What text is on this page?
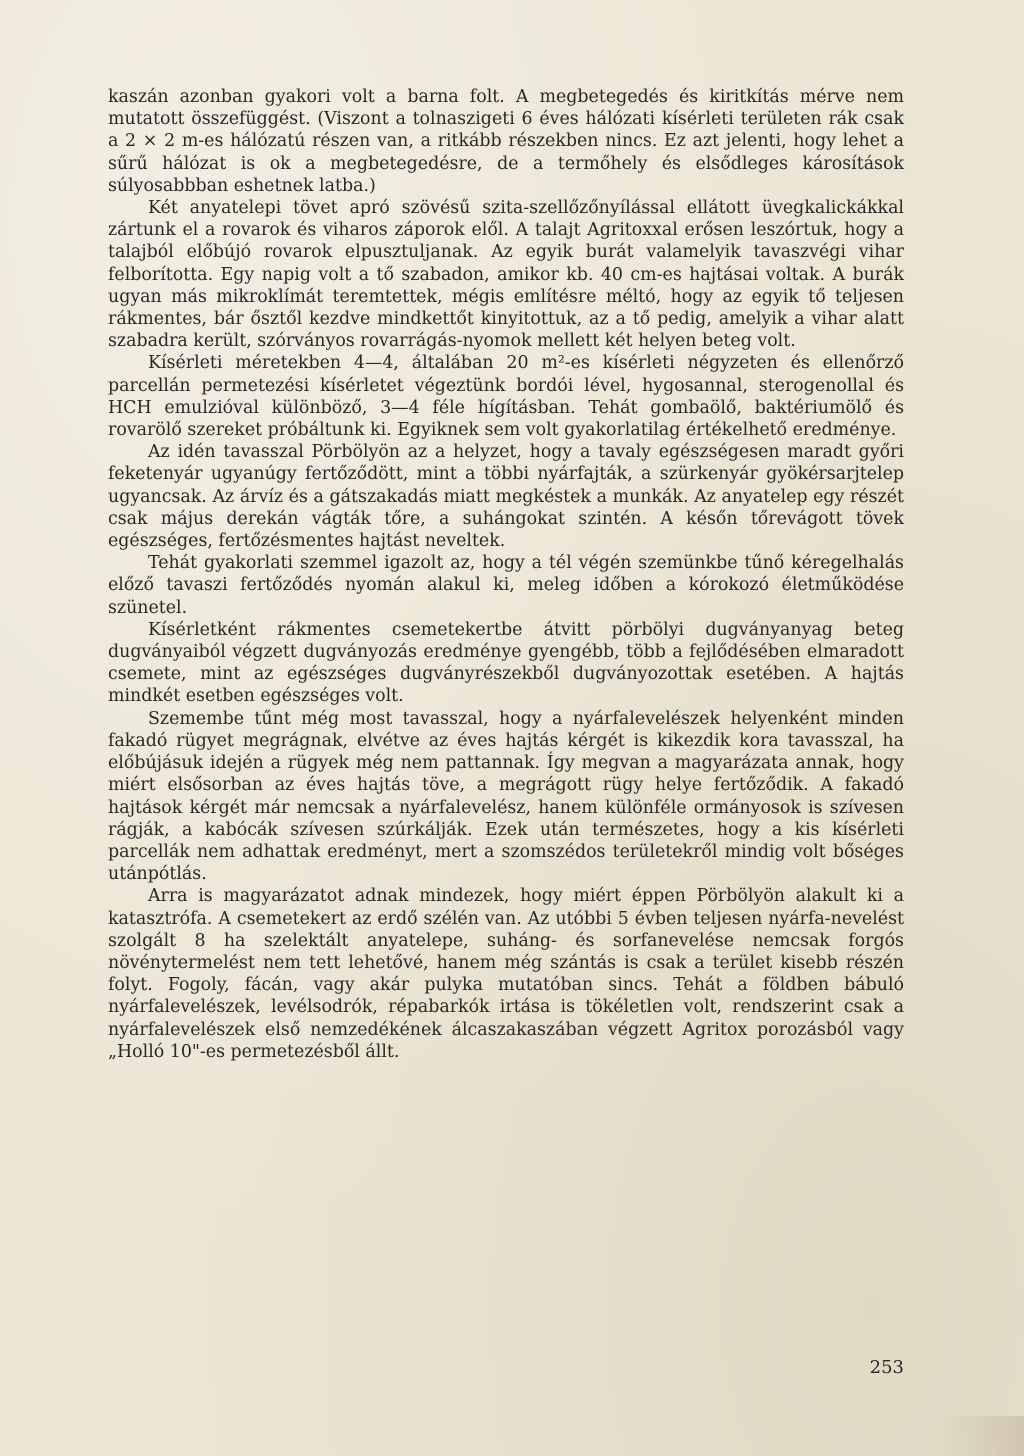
kaszán azonban gyakori volt a barna folt. A megbetegedés és kiritkítás mérve nem mutatott összefüggést. (Viszont a tolnaszigeti 6 éves hálózati kísérleti területen rák csak a 2 × 2 m-es hálózatú részen van, a ritkább részekben nincs. Ez azt jelenti, hogy lehet a sűrű hálózat is ok a megbetegedésre, de a termőhely és elsődleges károsítások súlyosabbban eshetnek latba.)

Két anyatelepi tövet apró szövésű szita-szellőzőnyílással ellátott üvegkalickákkal zártunk el a rovarok és viharos záporok elől. A talajt Agritoxxal erősen leszórtuk, hogy a talajból előbújó rovarok elpusztuljanak. Az egyik burát valamelyik tavaszvégi vihar felborította. Egy napig volt a tő szabadon, amikor kb. 40 cm-es hajtásai voltak. A burák ugyan más mikroklímát teremtettek, mégis említésre méltó, hogy az egyik tő teljesen rákmentes, bár ősztől kezdve mindkettőt kinyitottuk, az a tő pedig, amelyik a vihar alatt szabadra került, szórványos rovarrágás-nyomok mellett két helyen beteg volt.

Kísérleti méretekben 4—4, általában 20 m²-es kísérleti négyzeten és ellenőrző parcellán permetezési kísérletet végeztünk bordói lével, hygosannal, sterogenollal és HCH emulzióval különböző, 3—4 féle hígításban. Tehát gombaölő, baktériumölő és rovarölő szereket próbáltunk ki. Egyiknek sem volt gyakorlatilag értékelhető eredménye.

Az idén tavasszal Pörbölyön az a helyzet, hogy a tavaly egészségesen maradt győri feketenyár ugyanúgy fertőződött, mint a többi nyárfajták, a szürkenyár gyökérsarjtelep ugyancsak. Az árvíz és a gátszakadás miatt megkéstek a munkák. Az anyatelep egy részét csak május derekán vágták tőre, a suhángokat szintén. A későn tőrevágott tövek egészséges, fertőzésmentes hajtást neveltek.

Tehát gyakorlati szemmel igazolt az, hogy a tél végén szemünkbe tűnő kéregelhalás előző tavaszi fertőződés nyomán alakul ki, meleg időben a kórokozó életműködése szünetel.

Kísérletként rákmentes csemetekertbe átvitt pörbölyi dugványanyag beteg dugványaiból végzett dugványozás eredménye gyengébb, több a fejlődésében elmaradott csemete, mint az egészséges dugványrészekből dugványozottak esetében. A hajtás mindkét esetben egészséges volt.

Szemembe tűnt még most tavasszal, hogy a nyárfalevelészek helyenként minden fakadó rügyet megrágnak, elvétve az éves hajtás kérgét is kikezdik kora tavasszal, ha előbújásuk idején a rügyek még nem pattannak. Így megvan a magyarázata annak, hogy miért elsősorban az éves hajtás töve, a megrágott rügy helye fertőződik. A fakadó hajtások kérgét már nemcsak a nyárfalevelész, hanem különféle ormányosok is szívesen rágják, a kabócák szívesen szúrkálják. Ezek után természetes, hogy a kis kísérleti parcellák nem adhattak eredményt, mert a szomszédos területekről mindig volt bőséges utánpótlás.

Arra is magyarázatot adnak mindezek, hogy miért éppen Pörbölyön alakult ki a katasztrófa. A csemetekert az erdő szélén van. Az utóbbi 5 évben teljesen nyárfa-nevelést szolgált 8 ha szelektált anyatelepe, suháng- és sorfanevelése nemcsak forgós növénytermelést nem tett lehetővé, hanem még szántás is csak a terület kisebb részén folyt. Fogoly, fácán, vagy akár pulyka mutatóban sincs. Tehát a földben bábuló nyárfalevelészek, levélsodrók, répabarkók irtása is tökéletlen volt, rendszerint csak a nyárfalevelészek első nemzedékének álcaszakaszában végzett Agritox porozásból vagy „Holló 10"-es permetezésből állt.

253
